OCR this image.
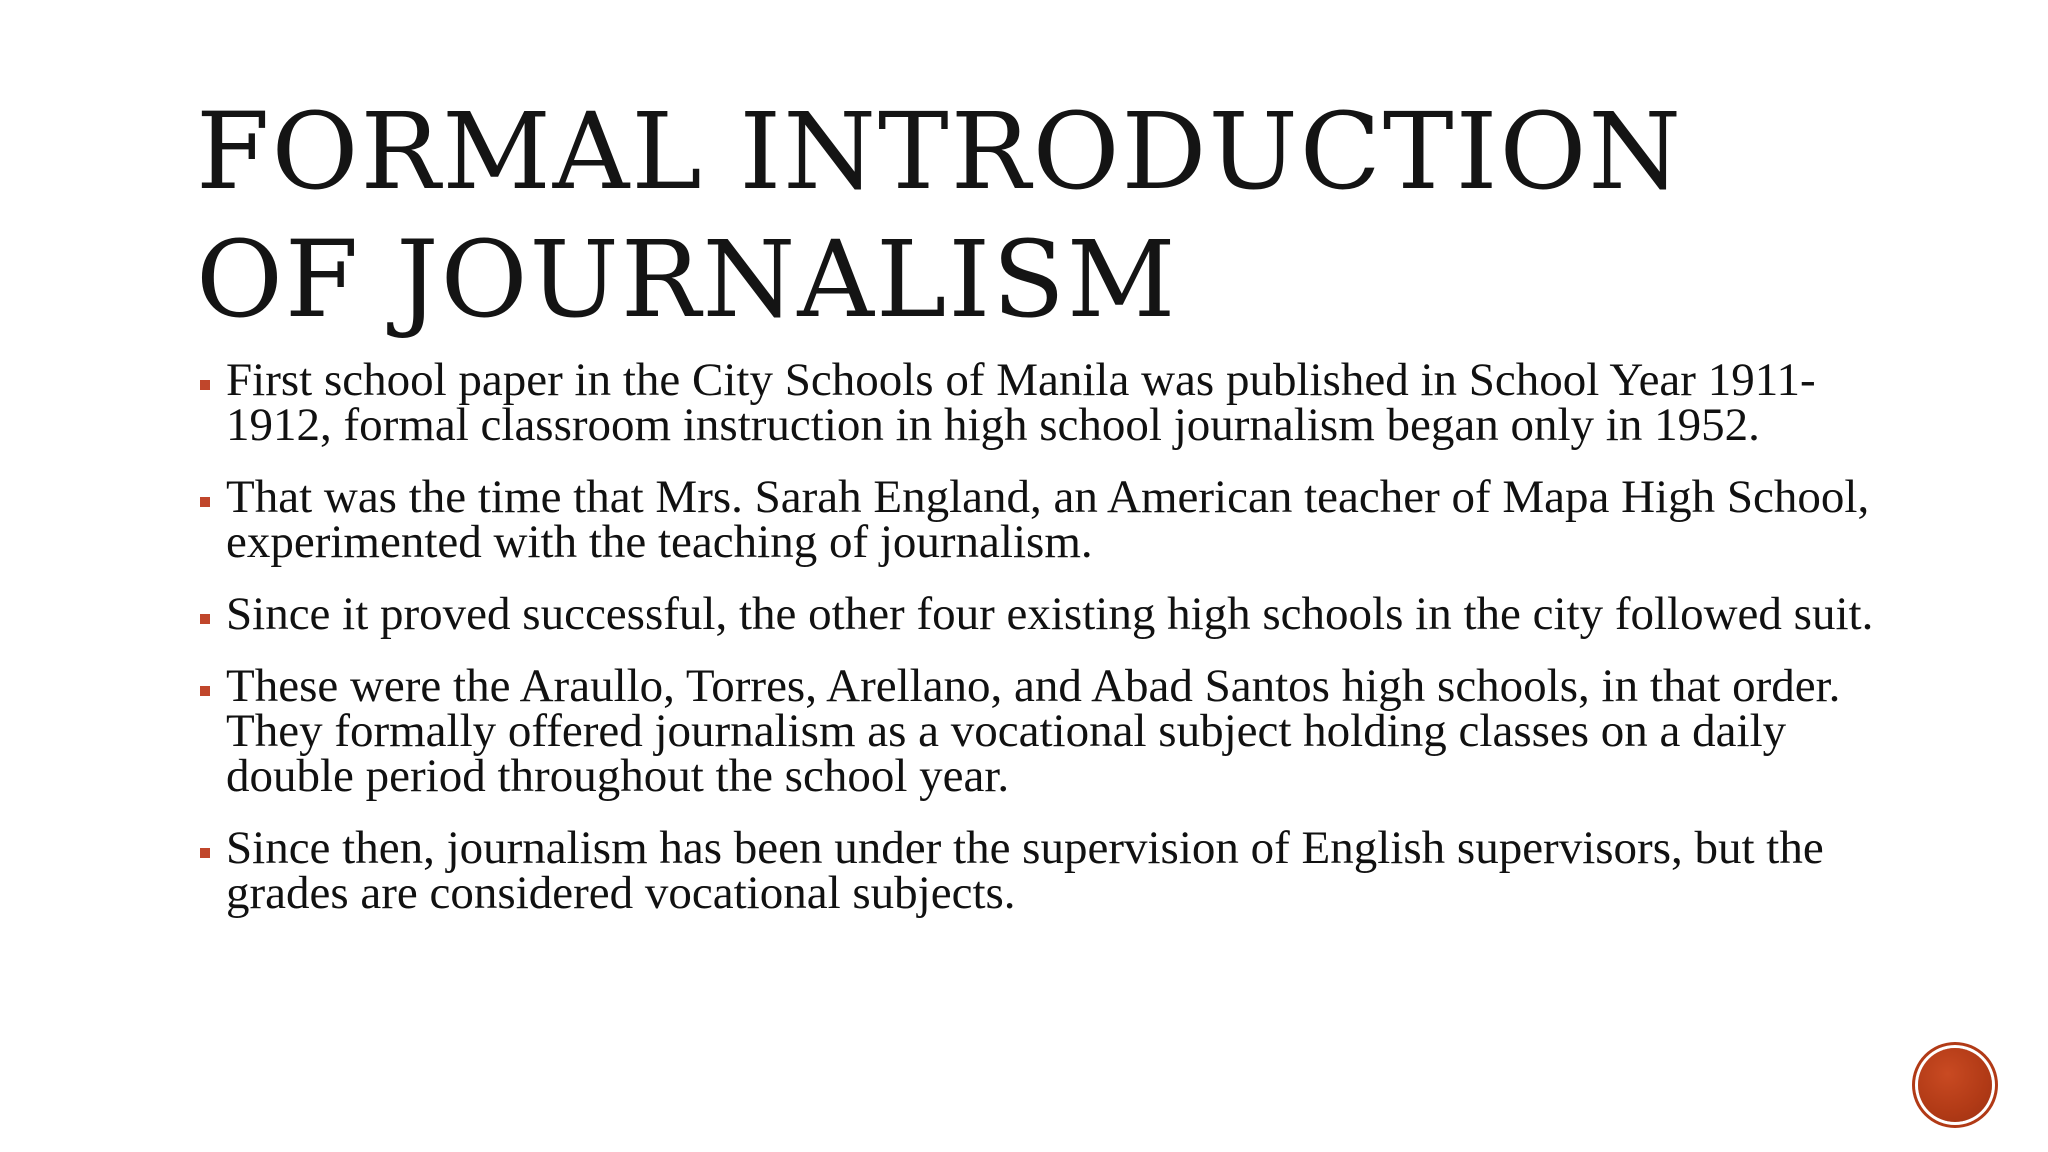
FORMAL INTRODUCTION
OF JOURNALISM
First school paper in the City Schools of Manila was published in School Year 1911-1912, formal classroom instruction in high school journalism began only in 1952.
That was the time that Mrs. Sarah England, an American teacher of Mapa High School, experimented with the teaching of journalism.
Since it proved successful, the other four existing high schools in the city followed suit.
These were the Araullo, Torres, Arellano, and Abad Santos high schools, in that order. They formally offered journalism as a vocational subject holding classes on a daily double period throughout the school year.
Since then, journalism has been under the supervision of English supervisors, but the grades are considered vocational subjects.
